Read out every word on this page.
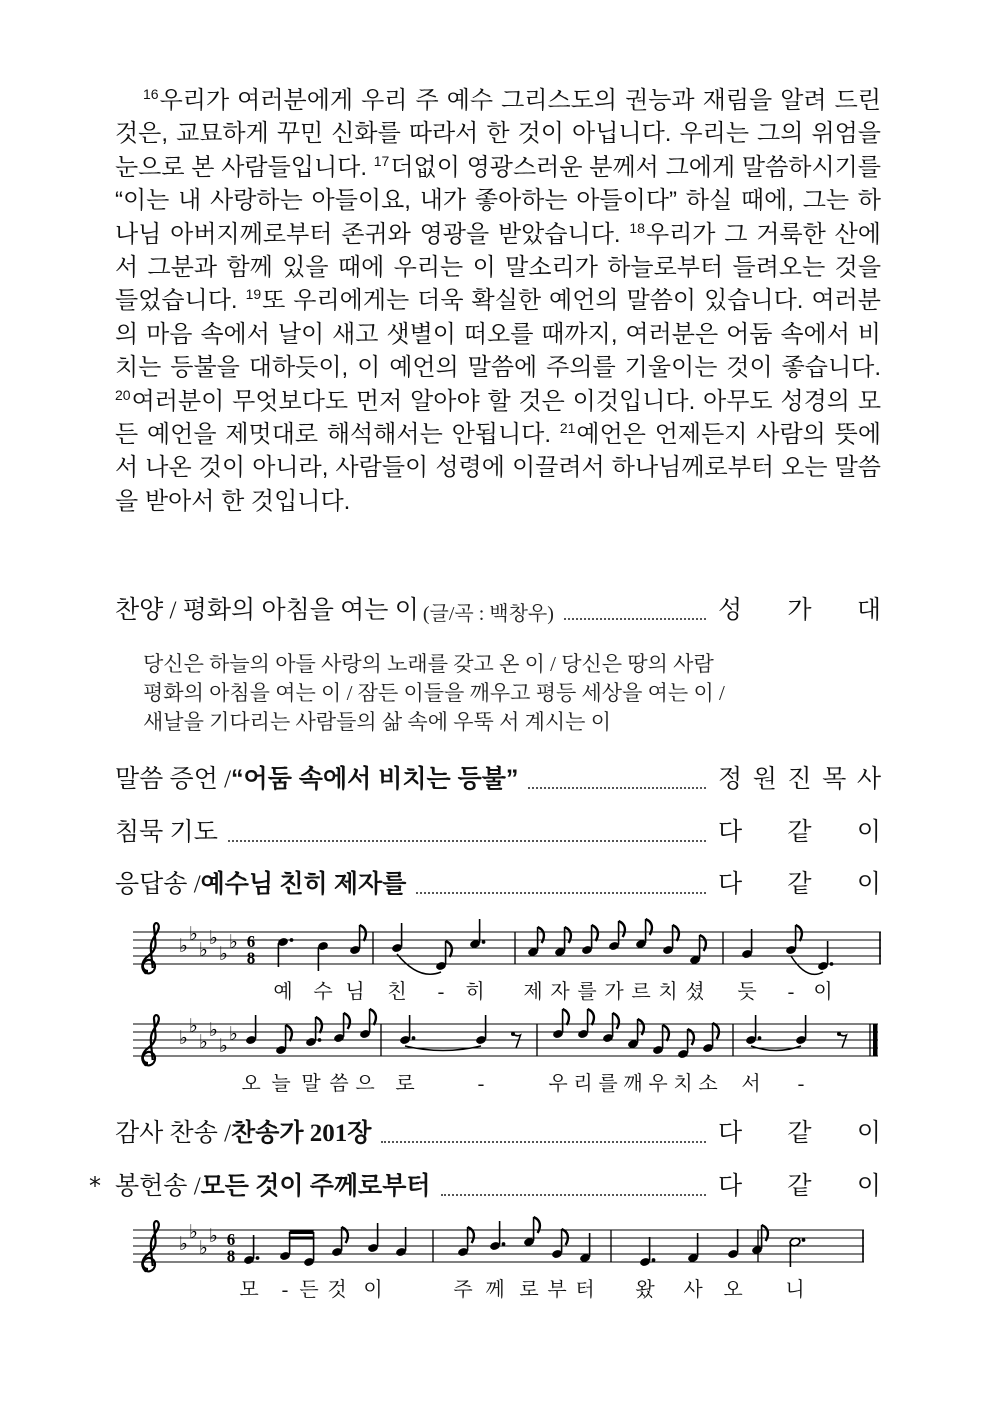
$^{16}$우리가 여러분에게 우리 주 예수 그리스도의 권능과 재림을 알려 드린 것은, 교묘하게 꾸민 신화를 따라서 한 것이 아닙니다. 우리는 그의 위엄을 눈으로 본 사람들입니다. $^{17}$더없이 영광스러운 분께서 그에게 말씀하시기를 “이는 내 사랑하는 아들이요, 내가 좋아하는 아들이다” 하실 때에, 그는 하나님 아버지께로부터 존귀와 영광을 받았습니다. $^{18}$우리가 그 거룩한 산에서 그분과 함께 있을 때에 우리는 이 말소리가 하늘로부터 들려오는 것을 들었습니다. $^{19}$또 우리에게는 더욱 확실한 예언의 말씀이 있습니다. 여러분의 마음 속에서 날이 새고 샛별이 떠오를 때까지, 여러분은 어둠 속에서 비치는 등불을 대하듯이, 이 예언의 말씀에 주의를 기울이는 것이 좋습니다. $^{20}$여러분이 무엇보다도 먼저 알아야 할 것은 이것입니다. 아무도 성경의 모든 예언을 제멋대로 해석해서는 안됩니다. $^{21}$예언은 언제든지 사람의 뜻에서 나온 것이 아니라, 사람들이 성령에 이끌려서 하나님께로부터 오는 말씀을 받아서 한 것입니다.
찬양 / 평화의 아침을 여는 이 (글/곡 : 백창우)	성 가 대
당신은 하늘의 아들 사랑의 노래를 갖고 온 이 / 당신은 땅의 사람
평화의 아침을 여는 이 / 잠든 이들을 깨우고 평등 세상을 여는 이 /
새날을 기다리는 사람들의 삶 속에 우뚝 서 계시는 이
말씀 증언 / “어둠 속에서 비치는 등불”	정 원 진 목 사
침묵 기도	다 같 이
응답송 / 예수님 친히 제자를	다 같 이
♭
♭
♭
♭
♭
♭ 6
8
예 수 님 친 - 히 제 자 를 가 르 치 셨 듯 - 이
♭
♭
♭
♭
♭
♭
오 늘 말 씀 으 로	-	우 리 를 깨 우 치 소 서 -
감사 찬송 / 찬송가 201장	다 같 이
* 봉헌송 / 모든 것이 주께로부터	다 같 이
♭
♭
♭
♭ 6
8
모 - 든 것 이	주 께 로 부 터 왔 사 오 니
